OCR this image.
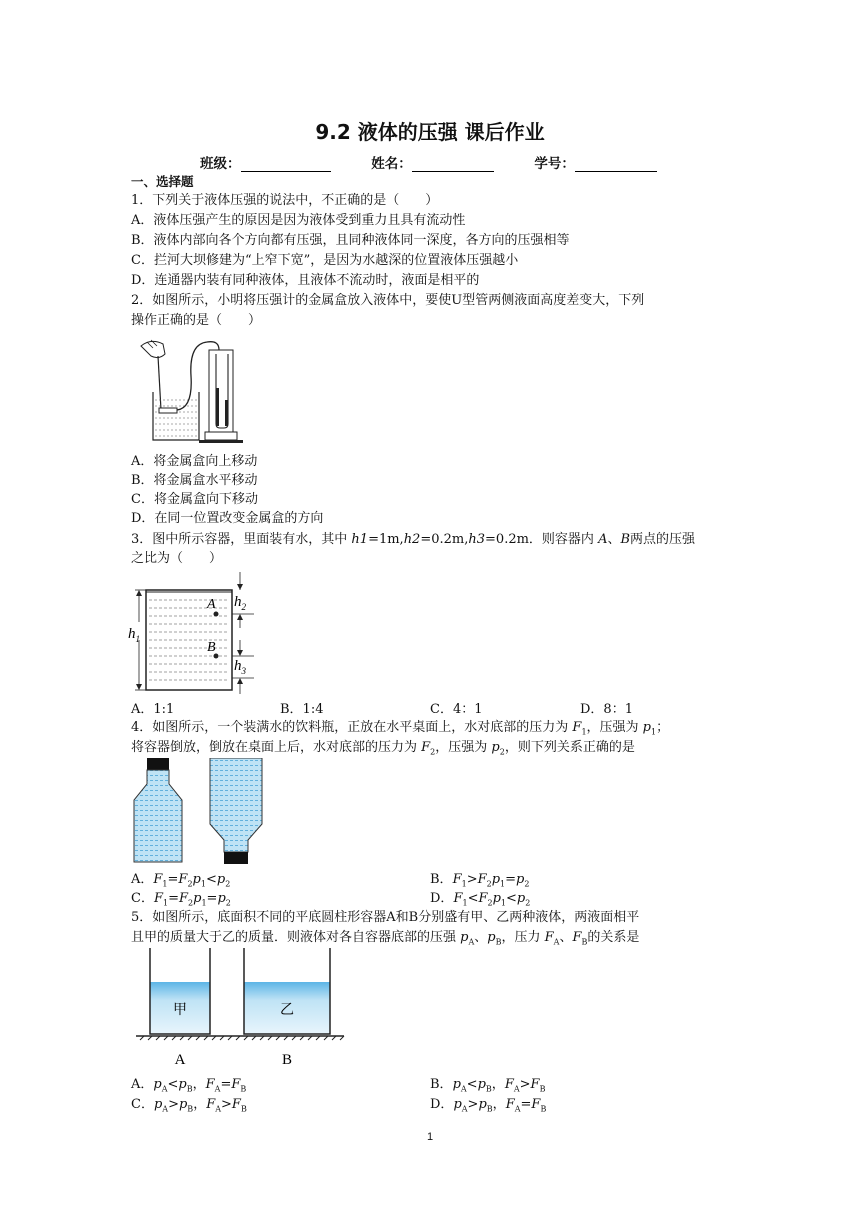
9.2 液体的压强 课后作业
班级：	姓名：	学号：
一、选择题
1．下列关于液体压强的说法中，不正确的是（　　）
A．液体压强产生的原因是因为液体受到重力且具有流动性
B．液体内部向各个方向都有压强，且同种液体同一深度，各方向的压强相等
C．拦河大坝修建为“上窄下宽”，是因为水越深的位置液体压强越小
D．连通器内装有同种液体，且液体不流动时，液面是相平的
2．如图所示，小明将压强计的金属盒放入液体中，要使U型管两侧液面高度差变大，下列
操作正确的是（　　）
A．将金属盒向上移动
B．将金属盒水平移动
C．将金属盒向下移动
D．在同一位置改变金属盒的方向
3．图中所示容器，里面装有水，其中 h1=1m,h2=0.2m,h3=0.2m．则容器内 A、B两点的压强
之比为（　　）
A
B
$h_1$
$h_2$
$h_3$
A．1:1	B．1:4	C．4：1	D．8：1
4．如图所示，一个装满水的饮料瓶，正放在水平桌面上，水对底部的压力为 $F_1$，压强为 $p_1$；
将容器倒放，倒放在桌面上后，水对底部的压力为 $F_2$，压强为 $p_2$，则下列关系正确的是
A．$F_1=F_2p_1<p_2$	B．$F_1>F_2p_1=p_2$
C．$F_1=F_2p_1=p_2$	D．$F_1<F_2p_1<p_2$
5．如图所示，底面积不同的平底圆柱形容器A和B分别盛有甲、乙两种液体，两液面相平
且甲的质量大于乙的质量．则液体对各自容器底部的压强 $p_A$、$p_B$，压力 $F_A$、$F_B$的关系是
甲	乙
A	B
A．$p_A<p_B$，$F_A=F_B$	B．$p_A<p_B$，$F_A>F_B$
C．$p_A>p_B$，$F_A>F_B$	D．$p_A>p_B$，$F_A=F_B$
1
